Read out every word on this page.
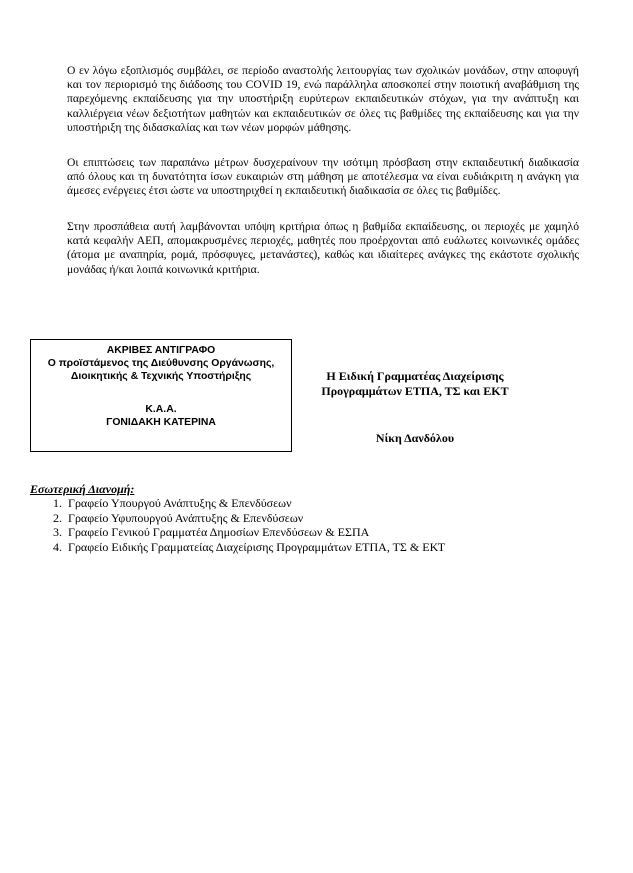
Ο εν λόγω εξοπλισμός συμβάλει, σε περίοδο αναστολής λειτουργίας των σχολικών μονάδων, στην αποφυγή και τον περιορισμό της διάδοσης του COVID 19, ενώ παράλληλα αποσκοπεί στην ποιοτική αναβάθμιση της παρεχόμενης εκπαίδευσης για την υποστήριξη ευρύτερων εκπαιδευτικών στόχων, για την ανάπτυξη και καλλιέργεια νέων δεξιοτήτων μαθητών και εκπαιδευτικών σε όλες τις βαθμίδες της εκπαίδευσης και για την υποστήριξη της διδασκαλίας και των νέων μορφών μάθησης.

Οι επιπτώσεις των παραπάνω μέτρων δυσχεραίνουν την ισότιμη πρόσβαση στην εκπαιδευτική διαδικασία από όλους και τη δυνατότητα ίσων ευκαιριών στη μάθηση με αποτέλεσμα να είναι ευδιάκριτη η ανάγκη για άμεσες ενέργειες έτσι ώστε να υποστηριχθεί η εκπαιδευτική διαδικασία σε όλες τις βαθμίδες.

Στην προσπάθεια αυτή λαμβάνονται υπόψη κριτήρια όπως η βαθμίδα εκπαίδευσης, οι περιοχές με χαμηλό κατά κεφαλήν ΑΕΠ, απομακρυσμένες περιοχές, μαθητές που προέρχονται από ευάλωτες κοινωνικές ομάδες (άτομα με αναπηρία, ρομά, πρόσφυγες, μετανάστες), καθώς και ιδιαίτερες ανάγκες της εκάστοτε σχολικής μονάδας ή/και λοιπά κοινωνικά κριτήρια.

ΑΚΡΙΒΕΣ ΑΝΤΙΓΡΑΦΟ
Ο προϊστάμενος της Διεύθυνσης Οργάνωσης,
Διοικητικής & Τεχνικής Υποστήριξης
Κ.Α.Α.
ΓΟΝΙΔΑΚΗ ΚΑΤΕΡΙΝΑ
Η Ειδική Γραμματέας Διαχείρισης
Προγραμμάτων ΕΤΠΑ, ΤΣ και ΕΚΤ
Νίκη Δανδόλου
Εσωτερική Διανομή:
1. Γραφείο Υπουργού Ανάπτυξης & Επενδύσεων
2. Γραφείο Υφυπουργού Ανάπτυξης & Επενδύσεων
3. Γραφείο Γενικού Γραμματέα Δημοσίων Επενδύσεων & ΕΣΠΑ
4. Γραφείο Ειδικής Γραμματείας Διαχείρισης Προγραμμάτων ΕΤΠΑ, ΤΣ & ΕΚΤ
